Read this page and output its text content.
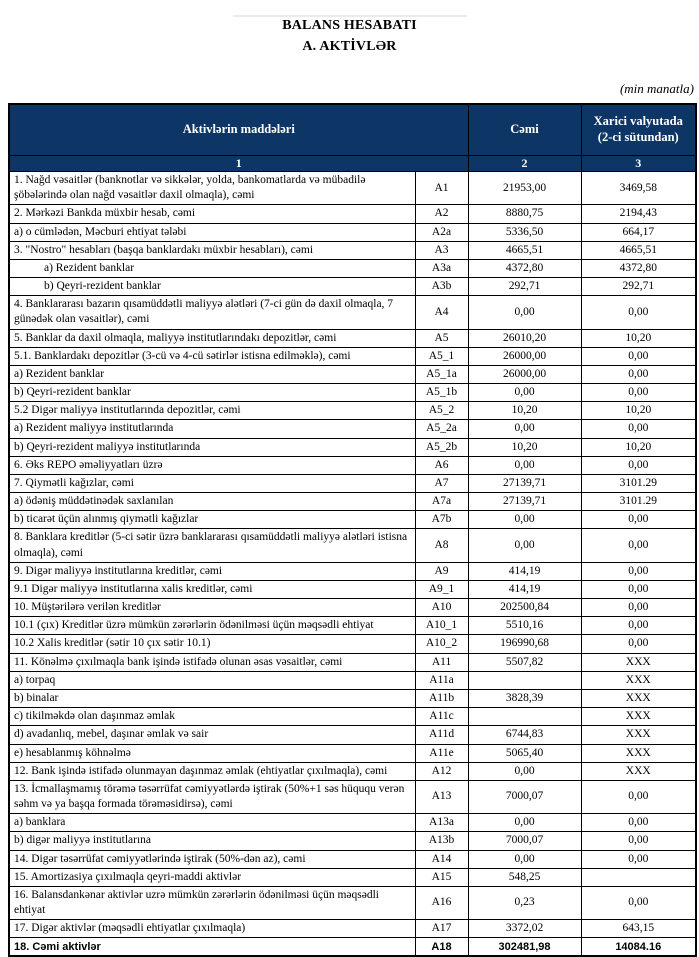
BALANS HESABATI
A. AKTİVLƏR
(min manatla)
Aktivlərin maddələri		Cəmi	Xarici valyutada (2-ci sütundan)
1		2	3
1. Nağd vəsaitlər (banknotlar və sikkələr, yolda, bankomatlarda və mübadilə şöbələrində olan nağd vəsaitlər daxil olmaqla), cəmi	A1	21953,00	3469,58
2. Mərkəzi Bankda müxbir hesab, cəmi	A2	8880,75	2194,43
a) o cümlədən, Məcburi ehtiyat tələbi	A2a	5336,50	664,17
3. "Nostro" hesabları (başqa banklardakı müxbir hesabları), cəmi	A3	4665,51	4665,51
a) Rezident banklar	A3a	4372,80	4372,80
b) Qeyri-rezident banklar	A3b	292,71	292,71
4. Banklararası bazarın qısamüddətli maliyyə alətləri (7-ci gün də daxil olmaqla, 7 günədək olan vəsaitlər), cəmi	A4	0,00	0,00
5. Banklar da daxil olmaqla, maliyyə institutlarındakı depozitlər, cəmi	A5	26010,20	10,20
5.1. Banklardakı depozitlər (3-cü və 4-cü sətirlər istisna edilməklə), cəmi	A5_1	26000,00	0,00
a) Rezident banklar	A5_1a	26000,00	0,00
b) Qeyri-rezident banklar	A5_1b	0,00	0,00
5.2 Digər maliyyə institutlarında depozitlər, cəmi	A5_2	10,20	10,20
a) Rezident maliyyə institutlarında	A5_2a	0,00	0,00
b) Qeyri-rezident maliyyə institutlarında	A5_2b	10,20	10,20
6. Əks REPO əməliyyatları üzrə	A6	0,00	0,00
7. Qiymətli kağızlar, cəmi	A7	27139,71	3101.29
a) ödəniş müddətinədək saxlanılan	A7a	27139,71	3101.29
b) ticarət üçün alınmış qiymətli kağızlar	A7b	0,00	0,00
8. Banklara kreditlər (5-ci sətir üzrə banklararası qısamüddətli maliyyə alətləri istisna olmaqla), cəmi	A8	0,00	0,00
9. Digər maliyyə institutlarına kreditlər, cəmi	A9	414,19	0,00
9.1 Digər maliyyə institutlarına xalis kreditlər, cəmi	A9_1	414,19	0,00
10. Müştərilərə verilən kreditlər	A10	202500,84	0,00
10.1 (çıx) Kreditlər üzrə mümkün zərərlərin ödənilməsi üçün məqsədli ehtiyat	A10_1	5510,16	0,00
10.2 Xalis kreditlər (sətir 10 çıx sətir 10.1)	A10_2	196990,68	0,00
11. Könəlmə çıxılmaqla bank işində istifadə olunan əsas vəsaitlər, cəmi	A11	5507,82	XXX
a) torpaq	A11a		XXX
b) binalar	A11b	3828,39	XXX
c) tikilməkdə olan daşınmaz əmlak	A11c		XXX
d) avadanlıq, mebel, daşınar əmlak və sair	A11d	6744,83	XXX
e) hesablanmış köhnəlmə	A11e	5065,40	XXX
12. Bank işində istifadə olunmayan daşınmaz əmlak (ehtiyatlar çıxılmaqla), cəmi	A12	0,00	XXX
13. İcmallaşmamış törəmə təsərrüfat cəmiyyətlərdə iştirak (50%+1 səs hüququ verən səhm və ya başqa formada törəməsidirsə), cəmi	A13	7000,07	0,00
a) banklara	A13a	0,00	0,00
b) digər maliyyə institutlarına	A13b	7000,07	0,00
14. Digər təsərrüfat cəmiyyətlərində iştirak (50%-dən az), cəmi	A14	0,00	0,00
15. Amortizasiya çıxılmaqla qeyri-maddi aktivlər	A15	548,25	
16. Balansdankənar aktivlər uzrə mümkün zərərlərin ödənilməsi üçün məqsədli ehtiyat	A16	0,23	0,00
17. Digər aktivlər (məqsədli ehtiyatlar çıxılmaqla)	A17	3372,02	643,15
18. Cəmi aktivlər	A18	302481,98	14084.16
